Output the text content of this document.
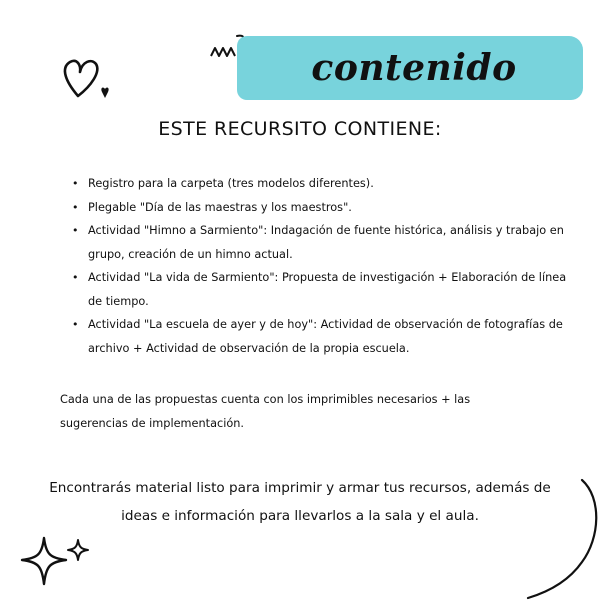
contenido
ESTE RECURSITO CONTIENE:
• Registro para la carpeta (tres modelos diferentes).
• Plegable "Día de las maestras y los maestros".
• Actividad "Himno a Sarmiento": Indagación de fuente histórica, análisis y trabajo en grupo, creación de un himno actual.
• Actividad "La vida de Sarmiento": Propuesta de investigación + Elaboración de línea de tiempo.
• Actividad "La escuela de ayer y de hoy": Actividad de observación de fotografías de archivo + Actividad de observación de la propia escuela.
Cada una de las propuestas cuenta con los imprimibles necesarios + las sugerencias de implementación.
Encontrarás material listo para imprimir y armar tus recursos, además de
ideas e información para llevarlos a la sala y el aula.
